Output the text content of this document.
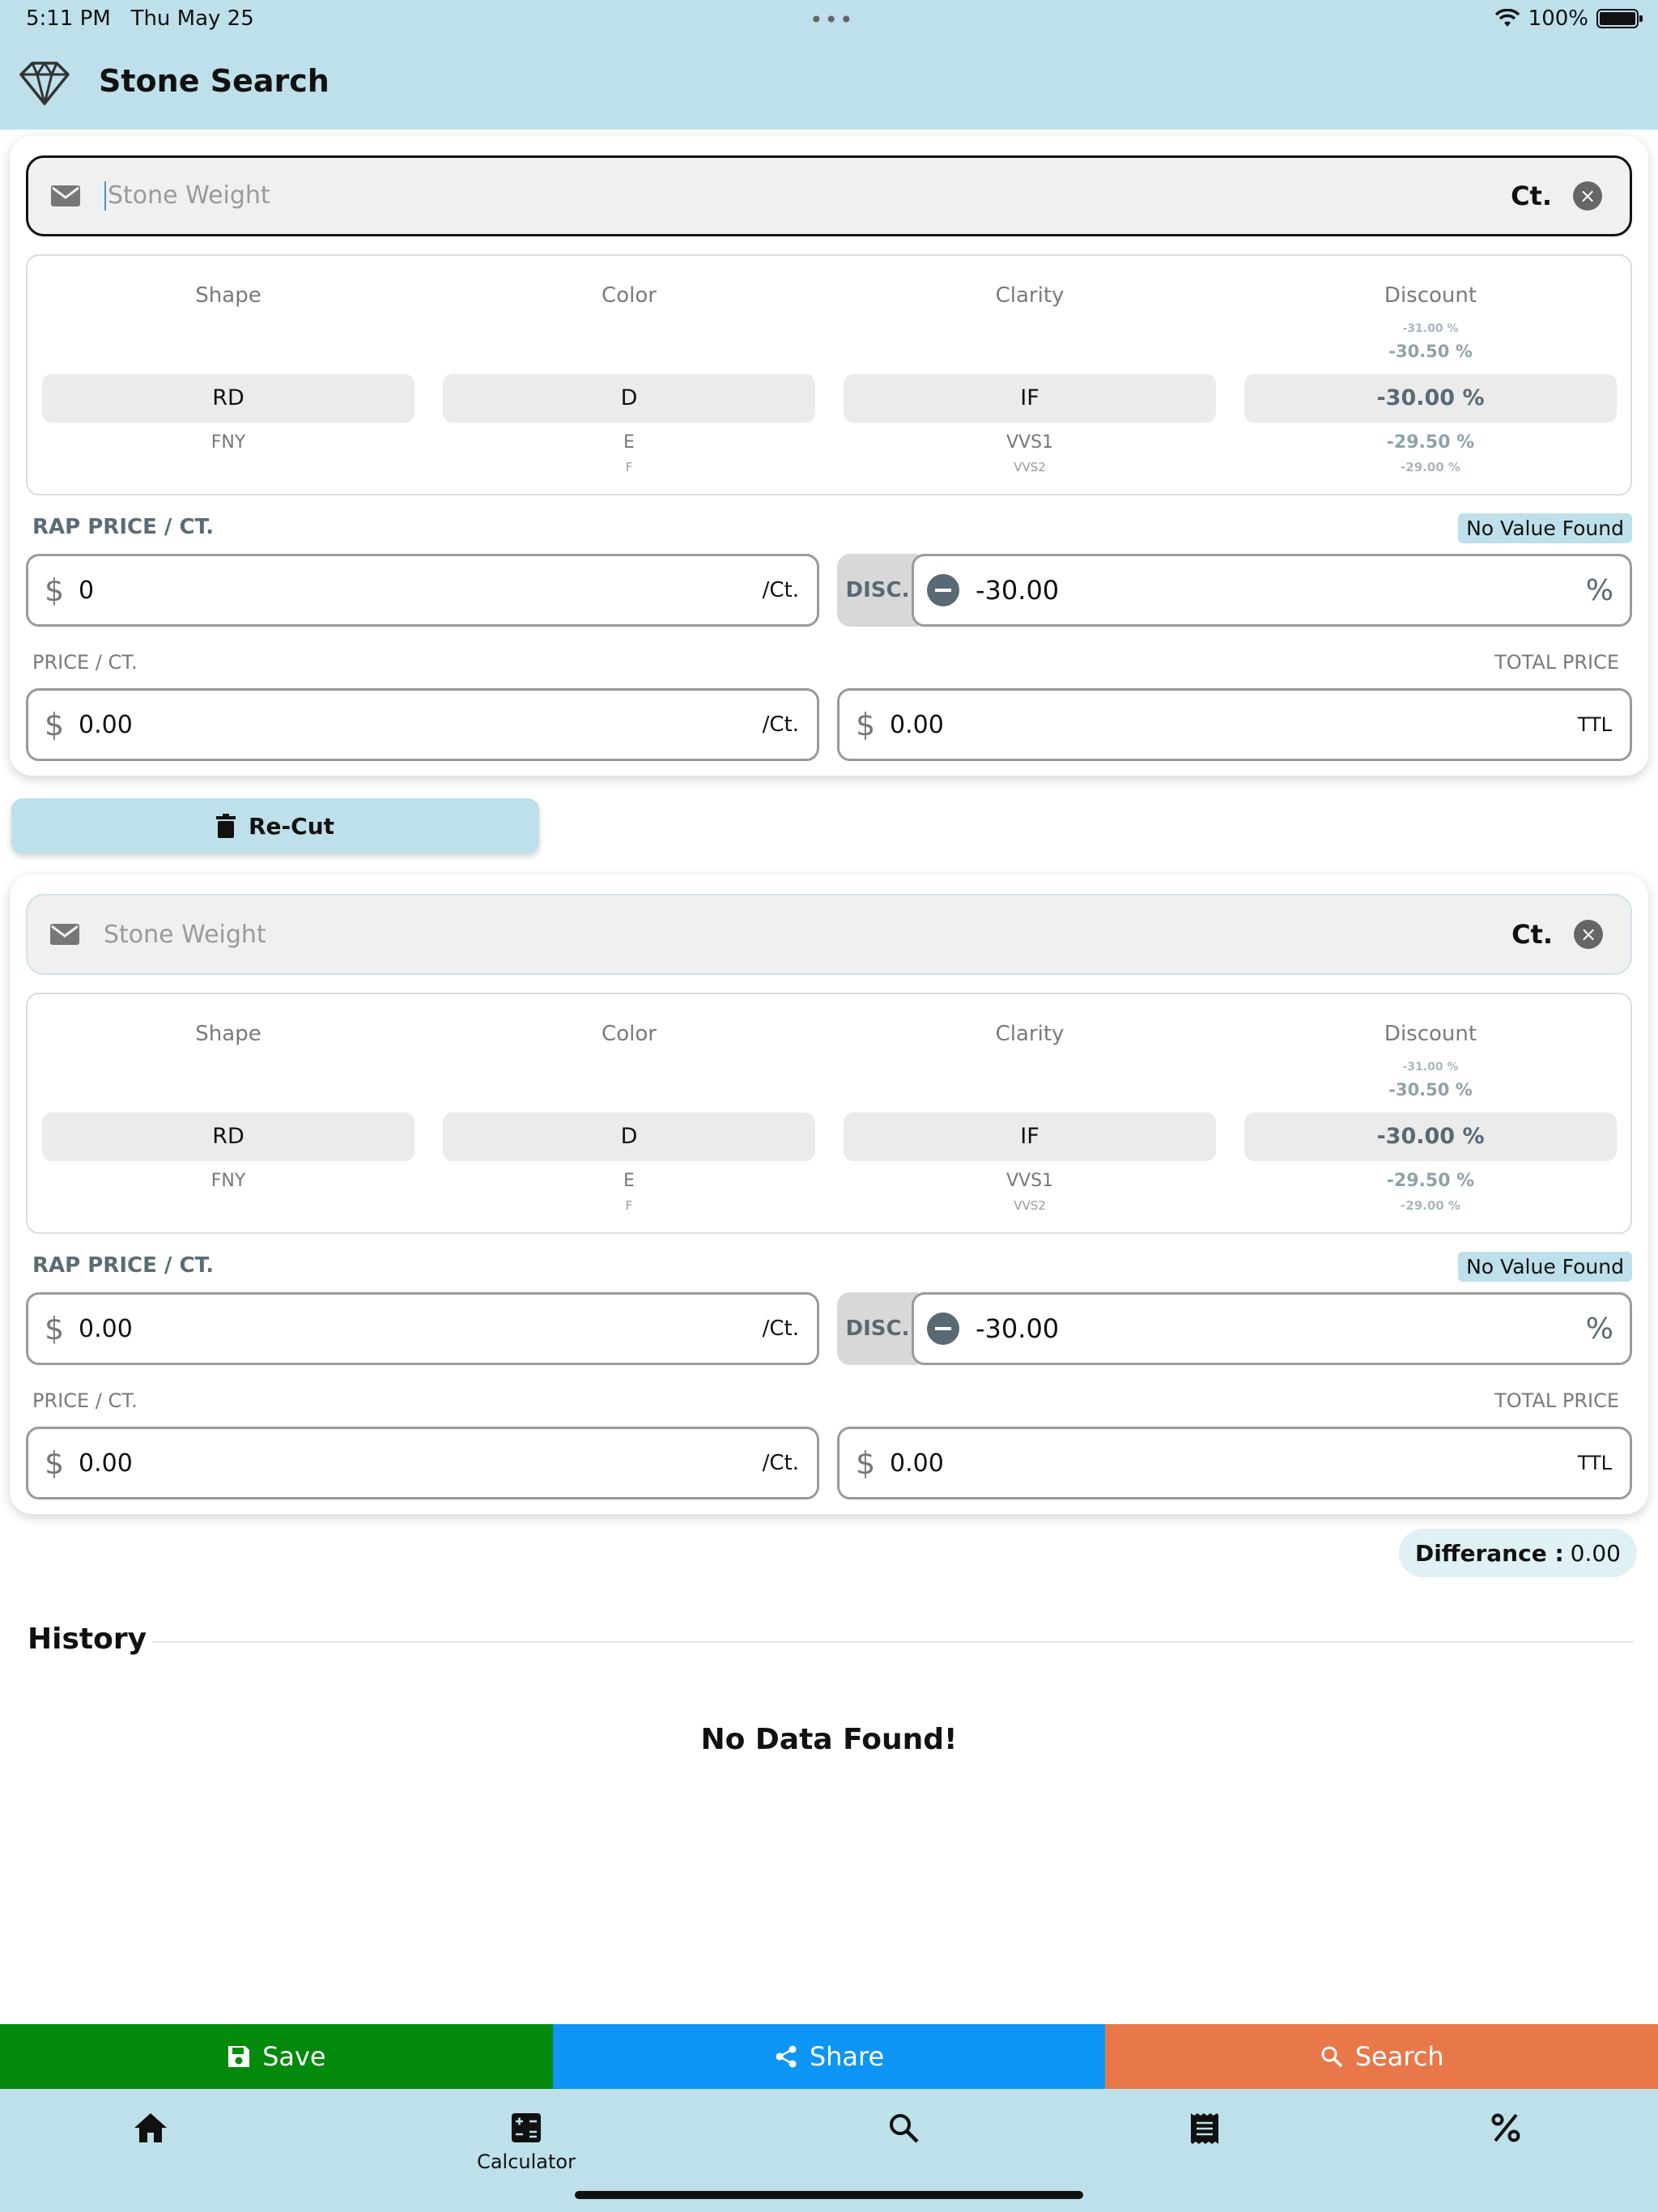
5:11 PM Thu May 25	•••	100%
Stone Search
Stone Weight	Ct.	×
Shape
RD
FNY
Color
D
E
F
Clarity
IF
VVS1
VVS2
Discount
-31.00 %
-30.50 %
-30.00 %
-29.50 %
-29.00 %
RAP PRICE / CT.	No Value Found
$ 0	/Ct.	DISC.	-30.00	%
PRICE / CT.	TOTAL PRICE
$ 0.00	/Ct. $ 0.00	TTL
Re-Cut
Stone Weight	Ct.	×
Shape
RD
FNY
Color
D
E
F
Clarity
IF
VVS1
VVS2
Discount
-31.00 %
-30.50 %
-30.00 %
-29.50 %
-29.00 %
RAP PRICE / CT.	No Value Found
$ 0.00	/Ct.	DISC.	-30.00	%
PRICE / CT.	TOTAL PRICE
$ 0.00	/Ct. $ 0.00	TTL
Differance : 0.00
History
No Data Found!
Save	Share	Search
Calculator
